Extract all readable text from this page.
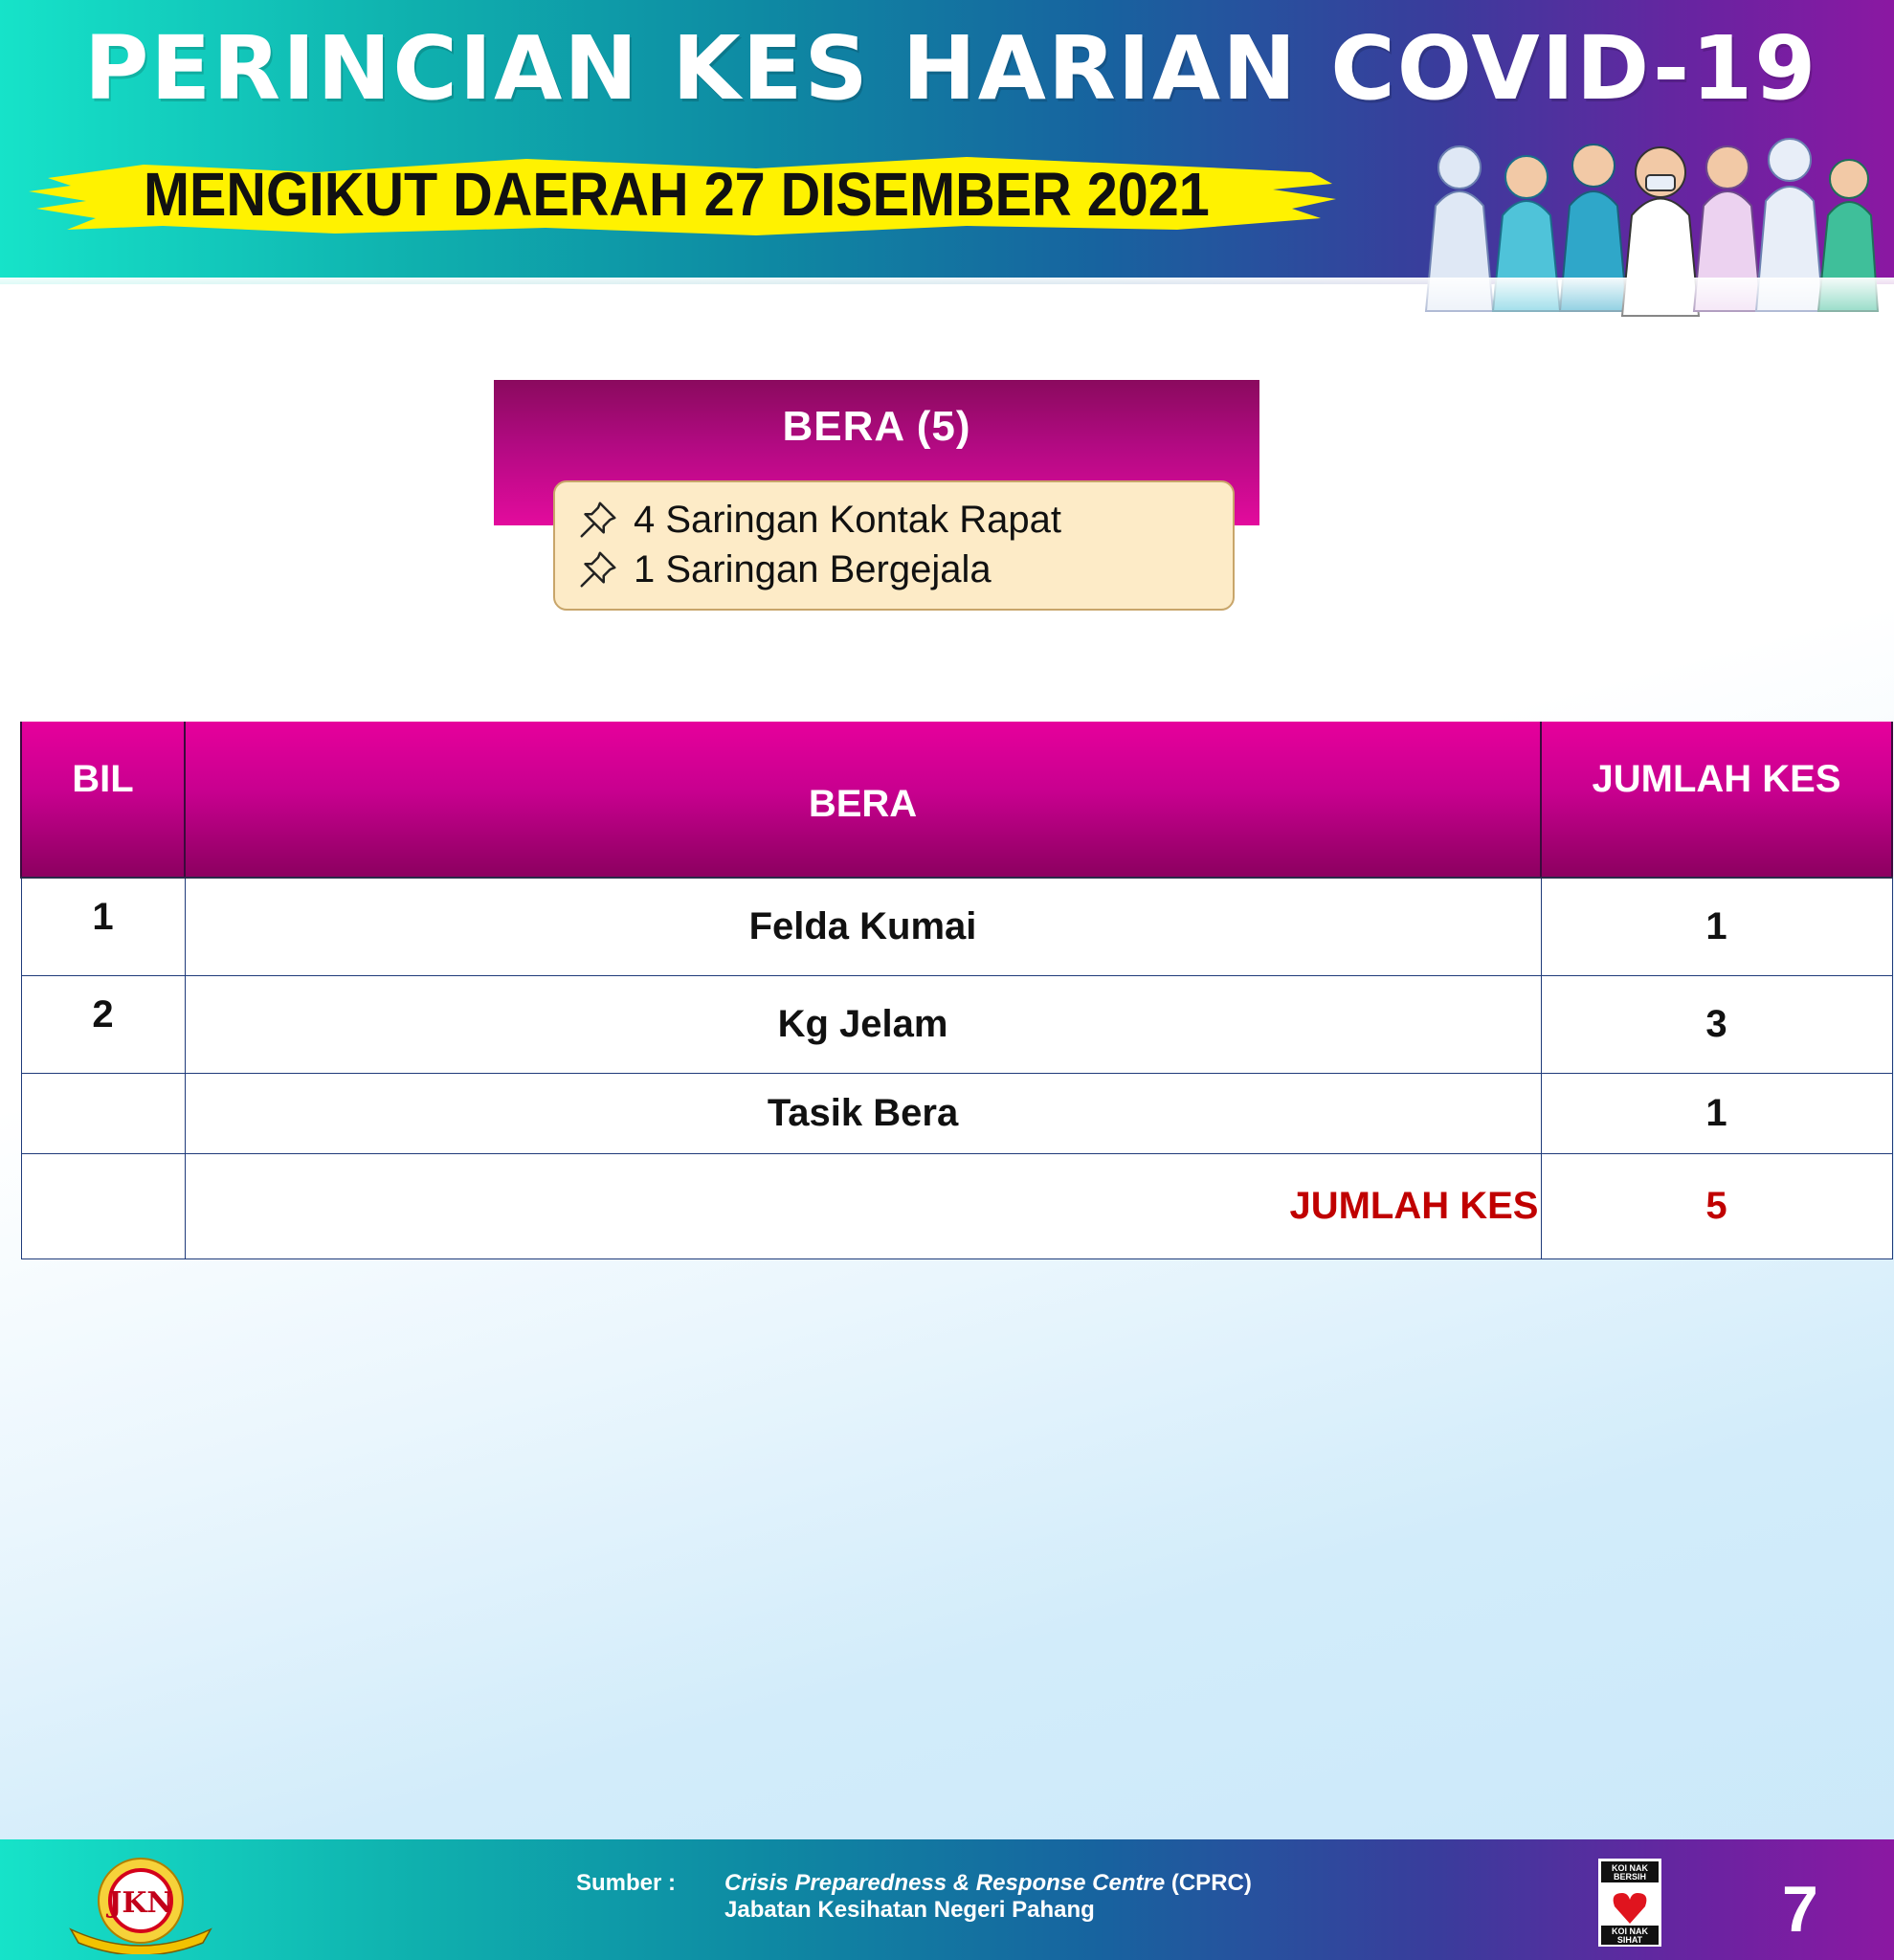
PERINCIAN KES HARIAN COVID-19
MENGIKUT DAERAH 27 DISEMBER 2021
BERA (5)
4 Saringan Kontak Rapat
1 Saringan Bergejala
BIL	BERA	JUMLAH KES
1	Felda Kumai	1
2	Kg Jelam	3
	Tasik Bera	1
	JUMLAH KES	5
JKN
Sumber : Crisis Preparedness & Response Centre (CPRC)
Jabatan Kesihatan Negeri Pahang
KOI NAK
BERSIH
KOI NAK
SIHAT 7
